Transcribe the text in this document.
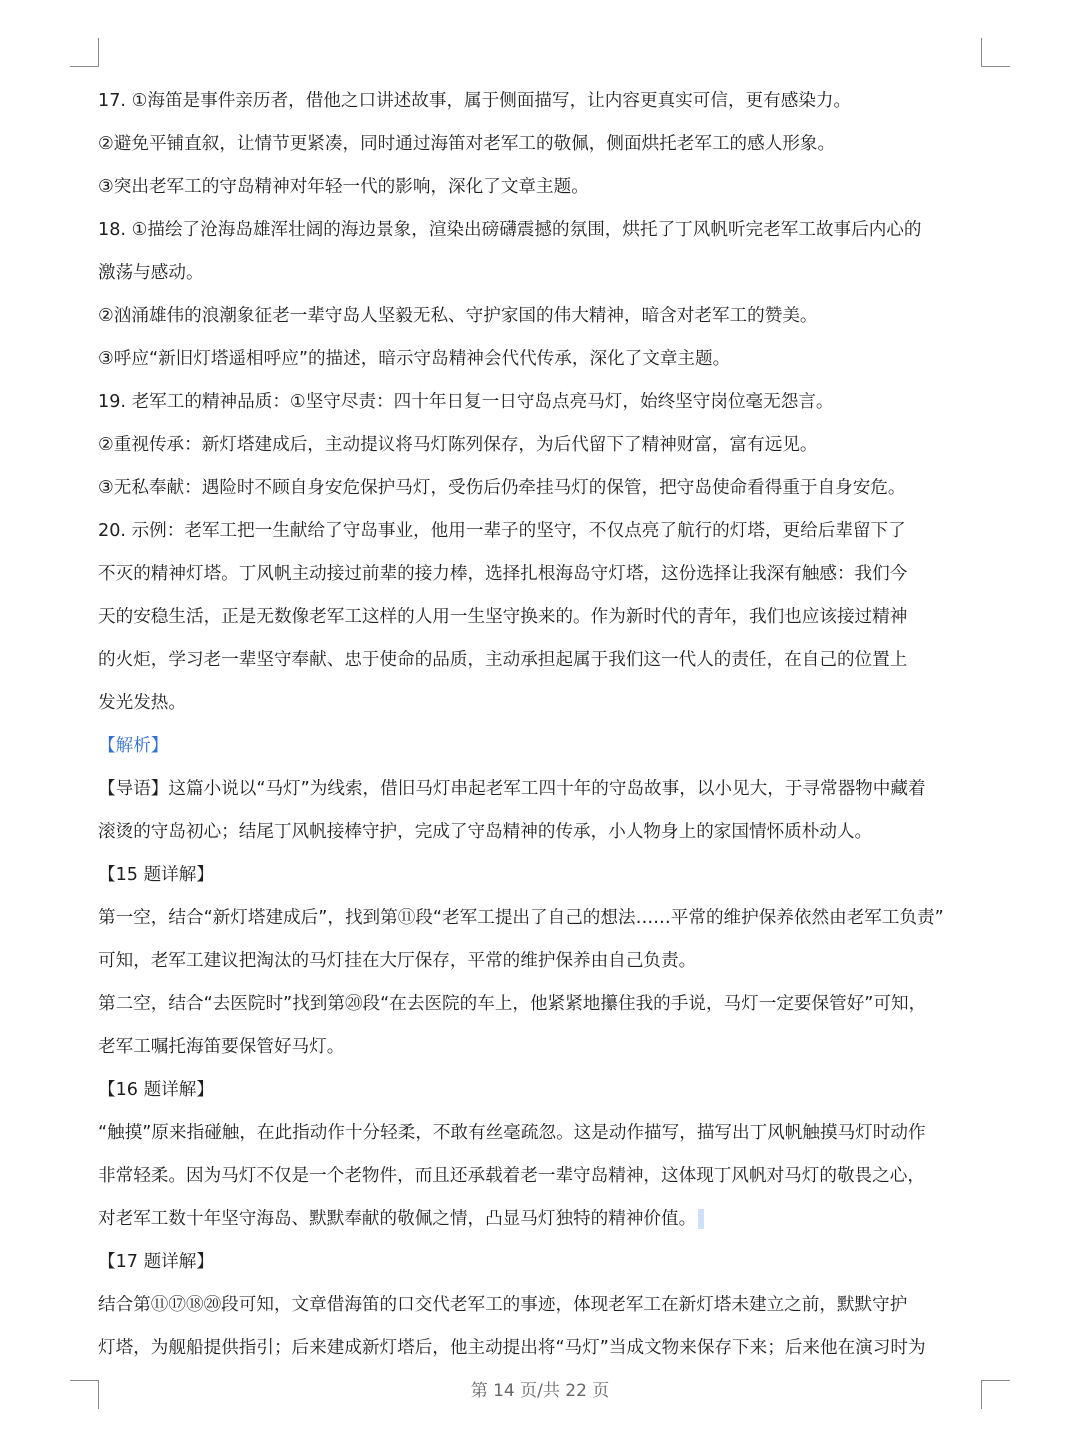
17. ①海笛是事件亲历者，借他之口讲述故事，属于侧面描写，让内容更真实可信，更有感染力。
②避免平铺直叙，让情节更紧凑，同时通过海笛对老军工的敬佩，侧面烘托老军工的感人形象。
③突出老军工的守岛精神对年轻一代的影响，深化了文章主题。
18. ①描绘了沧海岛雄浑壮阔的海边景象，渲染出磅礴震撼的氛围，烘托了丁风帆听完老军工故事后内心的
激荡与感动。
②汹涌雄伟的浪潮象征老一辈守岛人坚毅无私、守护家国的伟大精神，暗含对老军工的赞美。
③呼应“新旧灯塔遥相呼应”的描述，暗示守岛精神会代代传承，深化了文章主题。
19. 老军工的精神品质：①坚守尽责：四十年日复一日守岛点亮马灯，始终坚守岗位毫无怨言。
②重视传承：新灯塔建成后，主动提议将马灯陈列保存，为后代留下了精神财富，富有远见。
③无私奉献：遇险时不顾自身安危保护马灯，受伤后仍牵挂马灯的保管，把守岛使命看得重于自身安危。
20. 示例：老军工把一生献给了守岛事业，他用一辈子的坚守，不仅点亮了航行的灯塔，更给后辈留下了
不灭的精神灯塔。丁风帆主动接过前辈的接力棒，选择扎根海岛守灯塔，这份选择让我深有触感：我们今
天的安稳生活，正是无数像老军工这样的人用一生坚守换来的。作为新时代的青年，我们也应该接过精神
的火炬，学习老一辈坚守奉献、忠于使命的品质，主动承担起属于我们这一代人的责任，在自己的位置上
发光发热。
【解析】
【导语】这篇小说以“马灯”为线索，借旧马灯串起老军工四十年的守岛故事，以小见大，于寻常器物中藏着
滚烫的守岛初心；结尾丁风帆接棒守护，完成了守岛精神的传承，小人物身上的家国情怀质朴动人。
【15 题详解】
第一空，结合“新灯塔建成后”，找到第⑪段“老军工提出了自己的想法……平常的维护保养依然由老军工负责”
可知，老军工建议把淘汰的马灯挂在大厅保存，平常的维护保养由自己负责。
第二空，结合“去医院时”找到第⑳段“在去医院的车上，他紧紧地攥住我的手说，马灯一定要保管好”可知，
老军工嘱托海笛要保管好马灯。
【16 题详解】
“触摸”原来指碰触，在此指动作十分轻柔，不敢有丝毫疏忽。这是动作描写，描写出丁风帆触摸马灯时动作
非常轻柔。因为马灯不仅是一个老物件，而且还承载着老一辈守岛精神，这体现丁风帆对马灯的敬畏之心，
对老军工数十年坚守海岛、默默奉献的敬佩之情，凸显马灯独特的精神价值。
【17 题详解】
结合第⑪⑰⑱⑳段可知，文章借海笛的口交代老军工的事迹，体现老军工在新灯塔未建立之前，默默守护
灯塔，为舰船提供指引；后来建成新灯塔后，他主动提出将“马灯”当成文物来保存下来；后来他在演习时为
第 14 页/共 22 页
